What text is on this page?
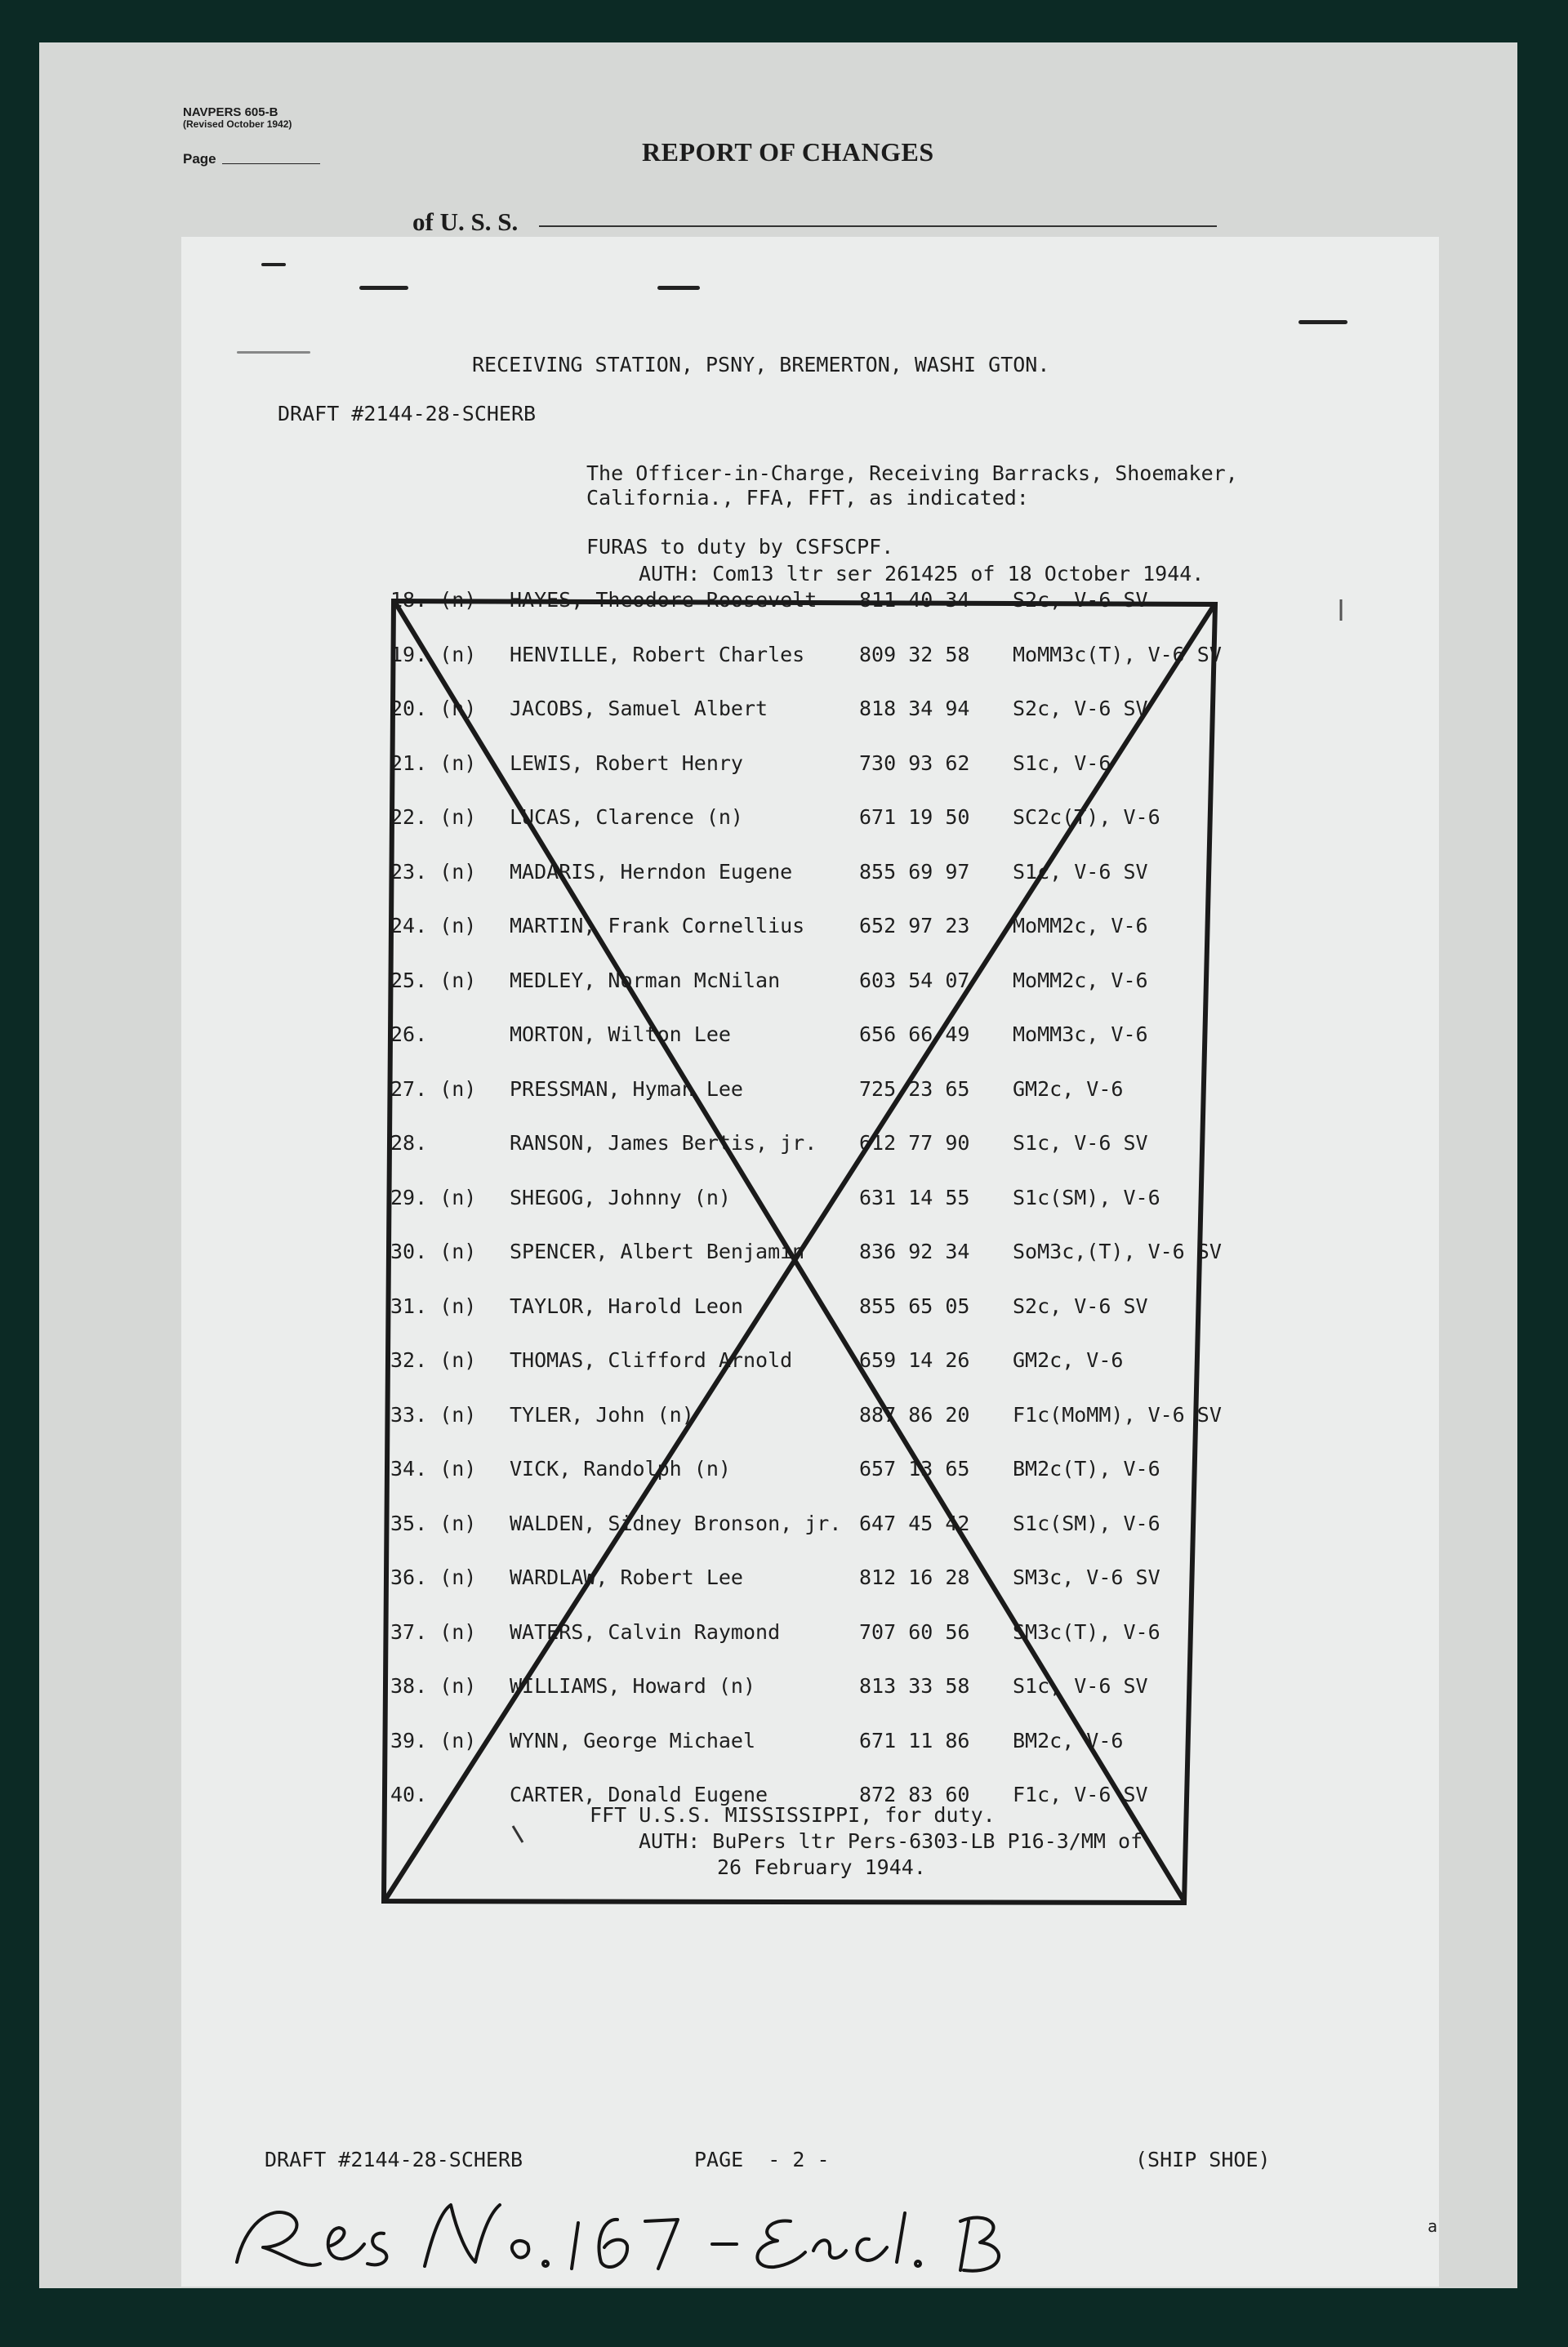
NAVPERS 605-B
(Revised October 1942)
Page	REPORT OF CHANGES
of U. S. S.
RECEIVING STATION, PSNY, BREMERTON, WASHI GTON.
DRAFT #2144-28-SCHERB
The Officer-in-Charge, Receiving Barracks, Shoemaker,
California., FFA, FFT, as indicated:
FURAS to duty by CSFSCPF.
AUTH: Com13 ltr ser 261425 of 18 October 1944.
18. (n) HAYES, Theodore Roosevelt 811 40 34 S2c, V-6 SV
19. (n) HENVILLE, Robert Charles	809 32 58 MoMM3c(T), V-6 SV
20. (n) JACOBS, Samuel Albert	818 34 94 S2c, V-6 SV
21. (n) LEWIS, Robert Henry	730 93 62 S1c, V-6
22. (n) LUCAS, Clarence (n)	671 19 50 SC2c(T), V-6
23. (n) MADARIS, Herndon Eugene	855 69 97 S1c, V-6 SV
24. (n) MARTIN, Frank Cornellius	652 97 23 MoMM2c, V-6
25. (n) MEDLEY, Norman McNilan	603 54 07 MoMM2c, V-6
26.	MORTON, Wilton Lee	656 66 49 MoMM3c, V-6
27. (n) PRESSMAN, Hyman Lee	725 23 65 GM2c, V-6
28.	RANSON, James Bertis, jr. 612 77 90 S1c, V-6 SV
29. (n) SHEGOG, Johnny (n)	631 14 55 S1c(SM), V-6
30. (n) SPENCER, Albert Benjamin	836 92 34 SoM3c,(T), V-6 SV
31. (n) TAYLOR, Harold Leon	855 65 05 S2c, V-6 SV
32. (n) THOMAS, Clifford Arnold	659 14 26 GM2c, V-6
33. (n) TYLER, John (n)	887 86 20 F1c(MoMM), V-6 SV
34. (n) VICK, Randolph (n)	657 13 65 BM2c(T), V-6
35. (n) WALDEN, Sidney Bronson, jr. 647 45 42 S1c(SM), V-6
36. (n) WARDLAW, Robert Lee	812 16 28 SM3c, V-6 SV
37. (n) WATERS, Calvin Raymond	707 60 56 SM3c(T), V-6
38. (n) WILLIAMS, Howard (n)	813 33 58 S1c, V-6 SV
39. (n) WYNN, George Michael	671 11 86 BM2c, V-6
40.	CARTER, Donald Eugene	872 83 60 F1c, V-6 SV
FFT U.S.S. MISSISSIPPI, for duty.
AUTH: BuPers ltr Pers-6303-LB P16-3/MM of
26 February 1944.
DRAFT #2144-28-SCHERB	PAGE  - 2 -	(SHIP SHOE)
a
